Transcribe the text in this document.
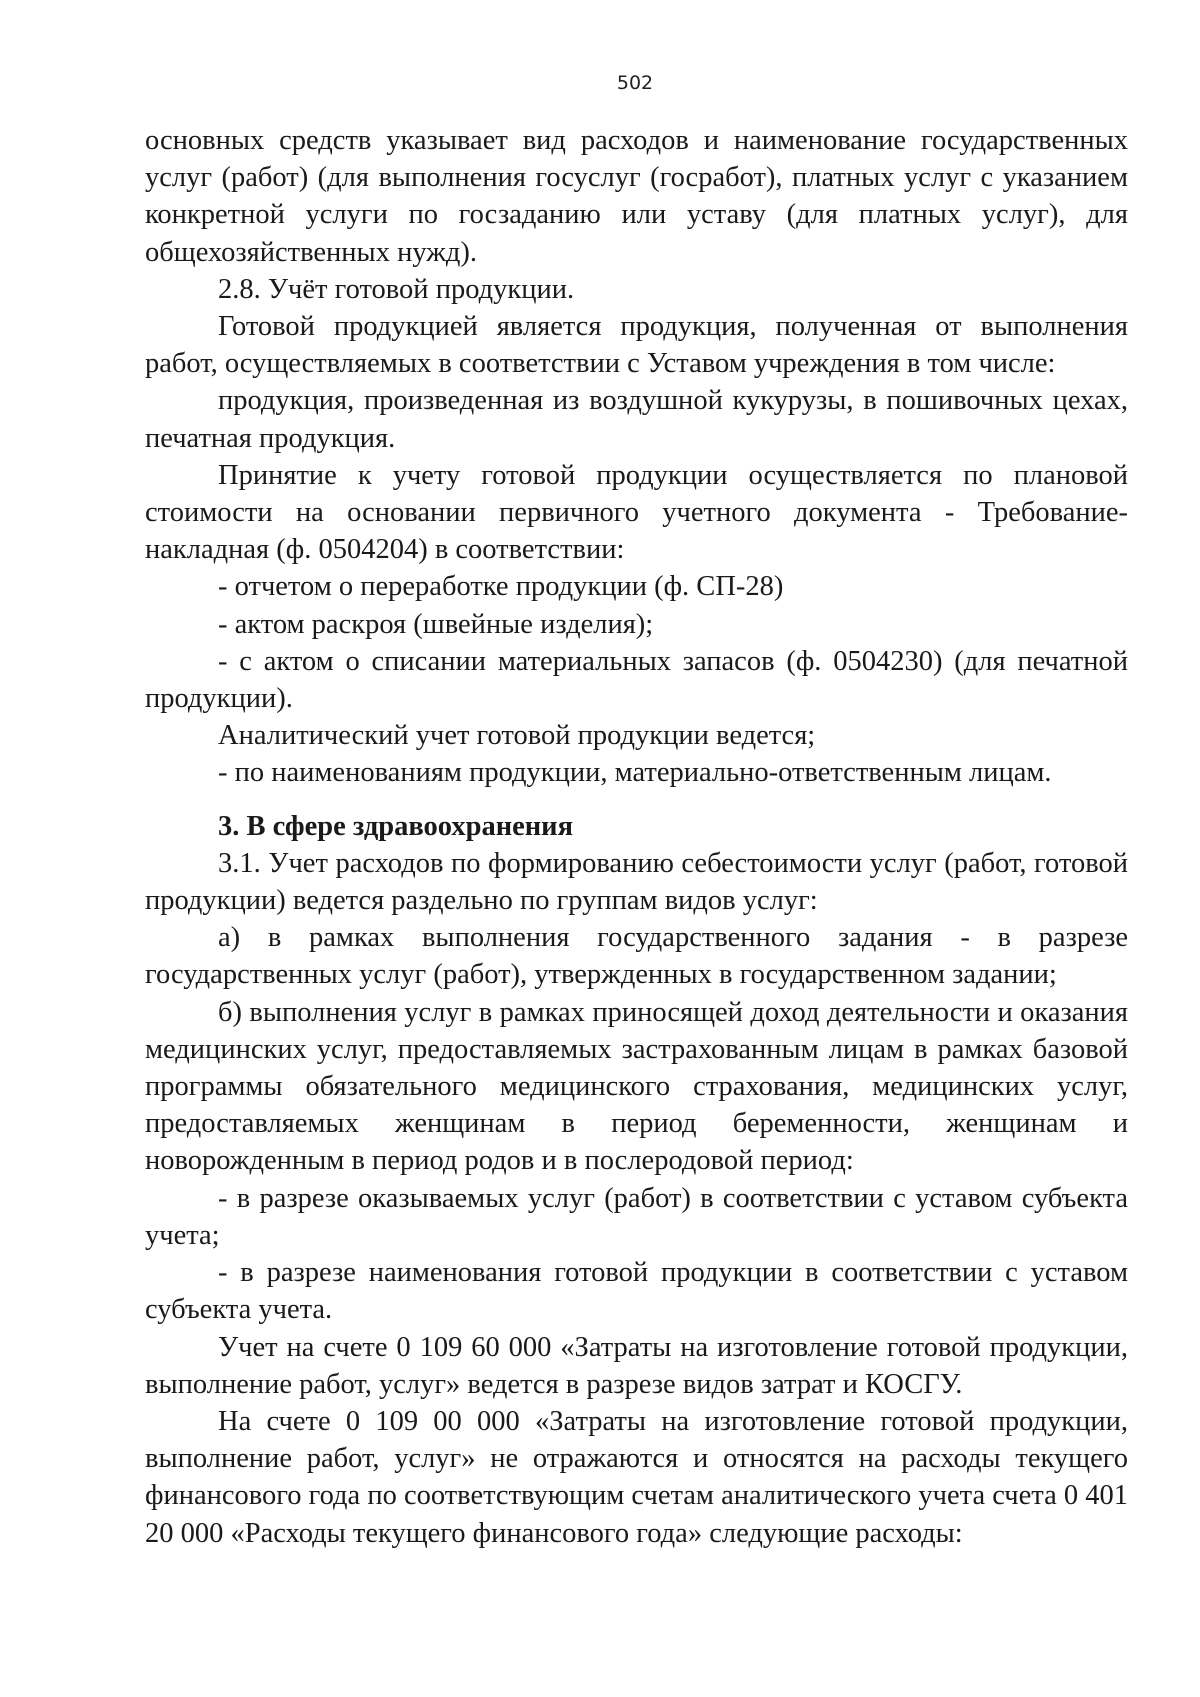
502

основных средств указывает вид расходов и наименование государственных услуг (работ) (для выполнения госуслуг (госработ), платных услуг с указанием конкретной услуги по госзаданию или уставу (для платных услуг), для общехозяйственных нужд).

2.8. Учёт готовой продукции.

Готовой продукцией является продукция, полученная от выполнения работ, осуществляемых в соответствии с Уставом учреждения в том числе:

продукция, произведенная из воздушной кукурузы, в пошивочных цехах, печатная продукция.

Принятие к учету готовой продукции осуществляется по плановой стоимости на основании первичного учетного документа - Требование-накладная (ф. 0504204) в соответствии:

- отчетом о переработке продукции (ф. СП-28)

- актом раскроя (швейные изделия);

- с актом о списании материальных запасов (ф. 0504230) (для печатной продукции).

Аналитический учет готовой продукции ведется;

- по наименованиям продукции, материально-ответственным лицам.

3. В сфере здравоохранения

3.1. Учет расходов по формированию себестоимости услуг (работ, готовой продукции) ведется раздельно по группам видов услуг:

а) в рамках выполнения государственного задания - в разрезе государственных услуг (работ), утвержденных в государственном задании;

б) выполнения услуг в рамках приносящей доход деятельности и оказания медицинских услуг, предоставляемых застрахованным лицам в рамках базовой программы обязательного медицинского страхования, медицинских услуг, предоставляемых женщинам в период беременности, женщинам и новорожденным в период родов и в послеродовой период:

- в разрезе оказываемых услуг (работ) в соответствии с уставом субъекта учета;

- в разрезе наименования готовой продукции в соответствии с уставом субъекта учета.

Учет на счете 0 109 60 000 «Затраты на изготовление готовой продукции, выполнение работ, услуг» ведется в разрезе видов затрат и КОСГУ.

На счете 0 109 00 000 «Затраты на изготовление готовой продукции, выполнение работ, услуг» не отражаются и относятся на расходы текущего финансового года по соответствующим счетам аналитического учета счета 0 401 20 000 «Расходы текущего финансового года» следующие расходы:
